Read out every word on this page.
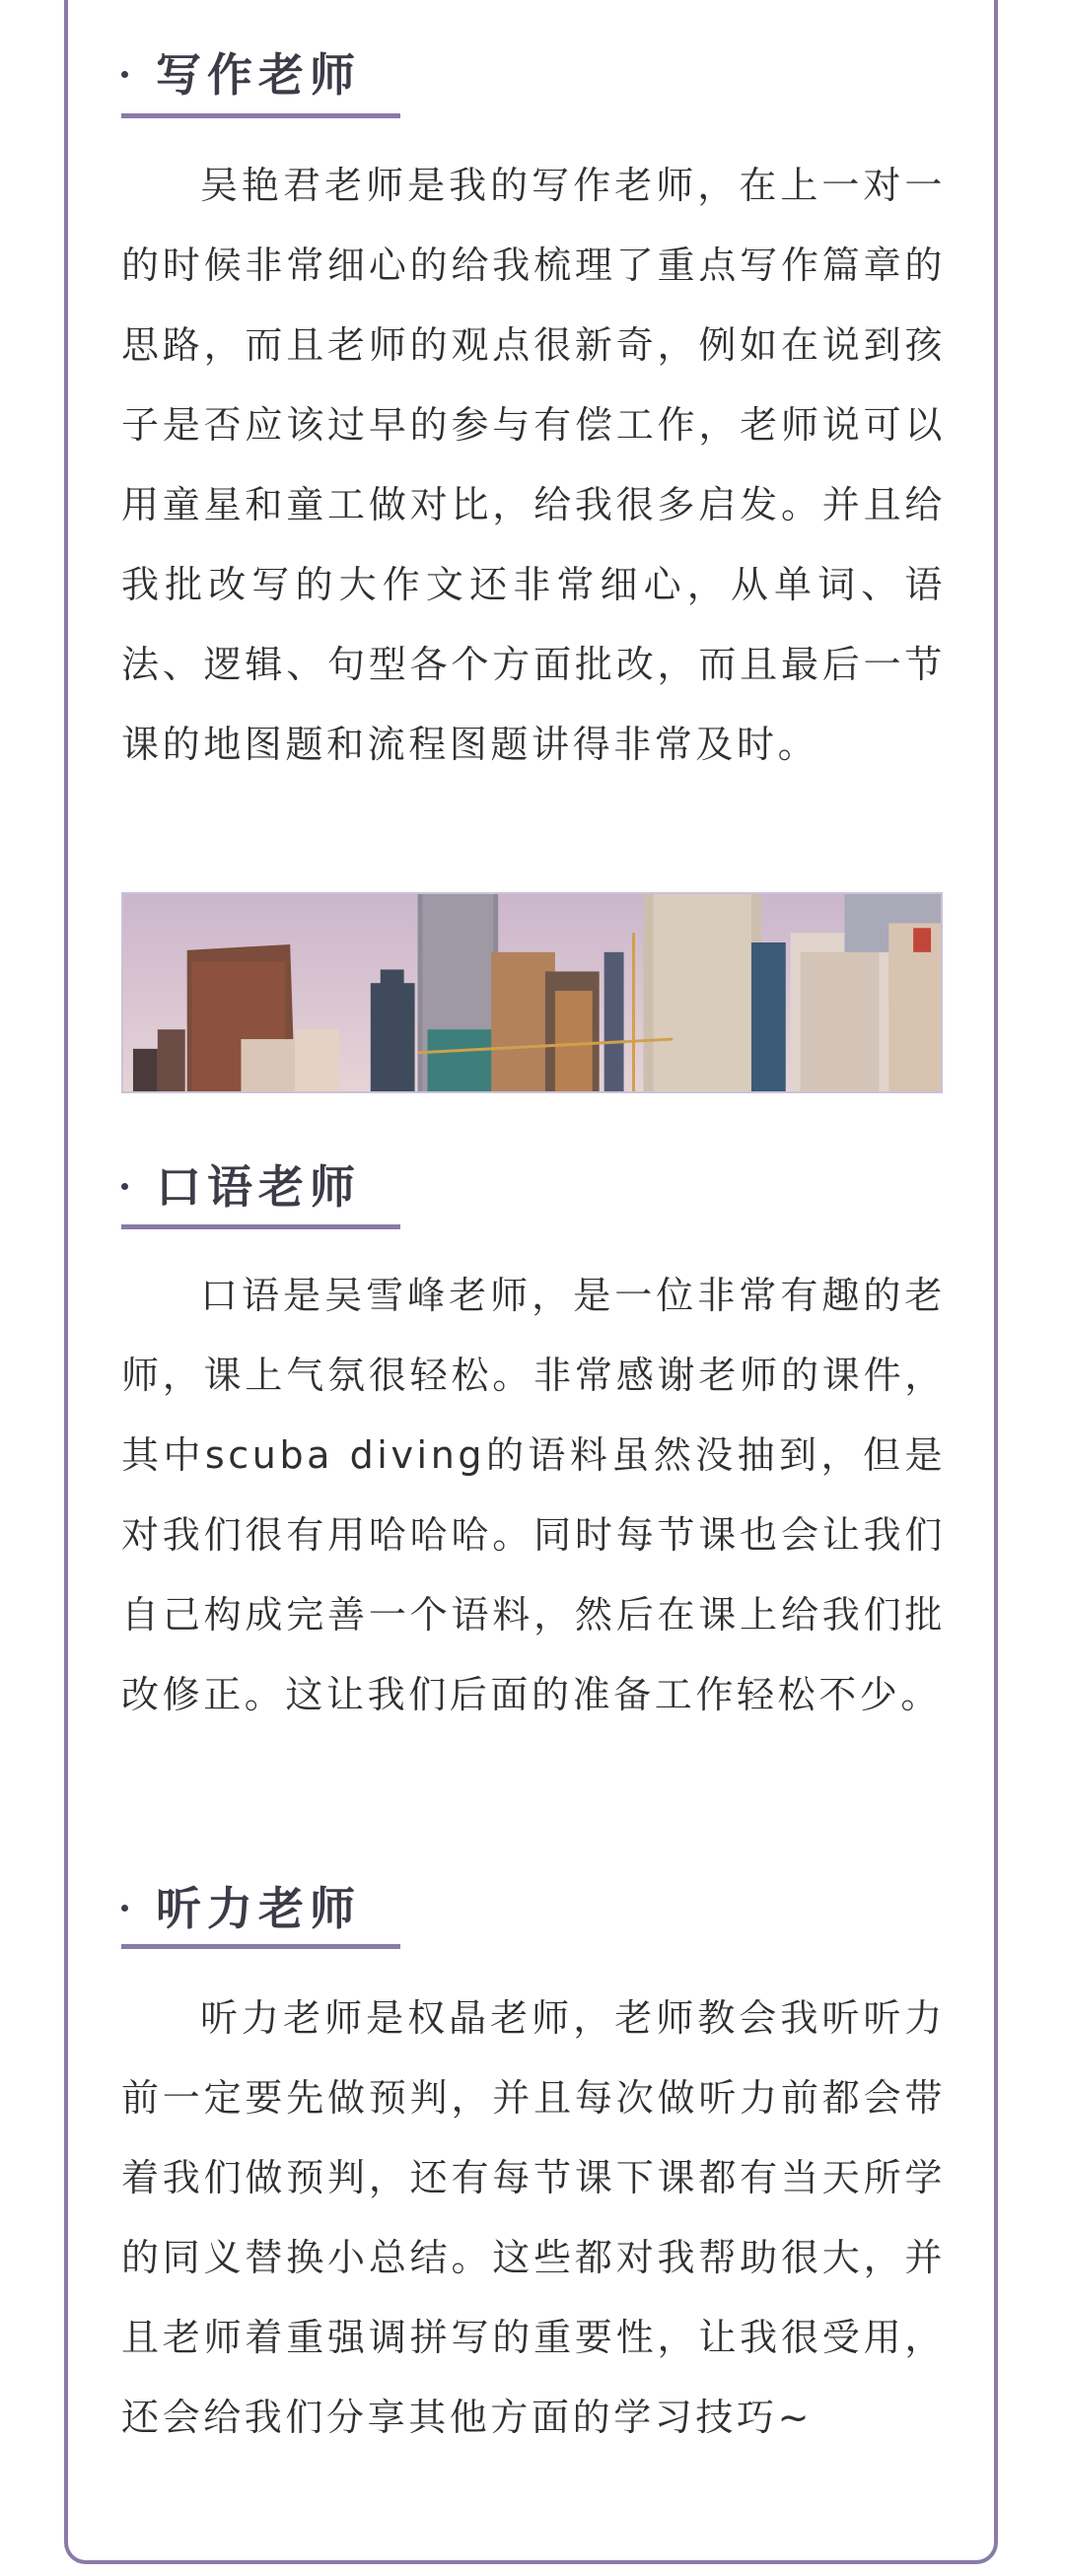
写作老师

吴艳君老师是我的写作老师，在上一对一的时候非常细心的给我梳理了重点写作篇章的思路，而且老师的观点很新奇，例如在说到孩子是否应该过早的参与有偿工作，老师说可以用童星和童工做对比，给我很多启发。并且给我批改写的大作文还非常细心，从单词、语法、逻辑、句型各个方面批改，而且最后一节课的地图题和流程图题讲得非常及时。

口语老师

口语是吴雪峰老师，是一位非常有趣的老师，课上气氛很轻松。非常感谢老师的课件，其中scuba diving的语料虽然没抽到，但是对我们很有用哈哈哈。同时每节课也会让我们自己构成完善一个语料，然后在课上给我们批改修正。这让我们后面的准备工作轻松不少。

听力老师

听力老师是权晶老师，老师教会我听听力前一定要先做预判，并且每次做听力前都会带着我们做预判，还有每节课下课都有当天所学的同义替换小总结。这些都对我帮助很大，并且老师着重强调拼写的重要性，让我很受用，还会给我们分享其他方面的学习技巧~
